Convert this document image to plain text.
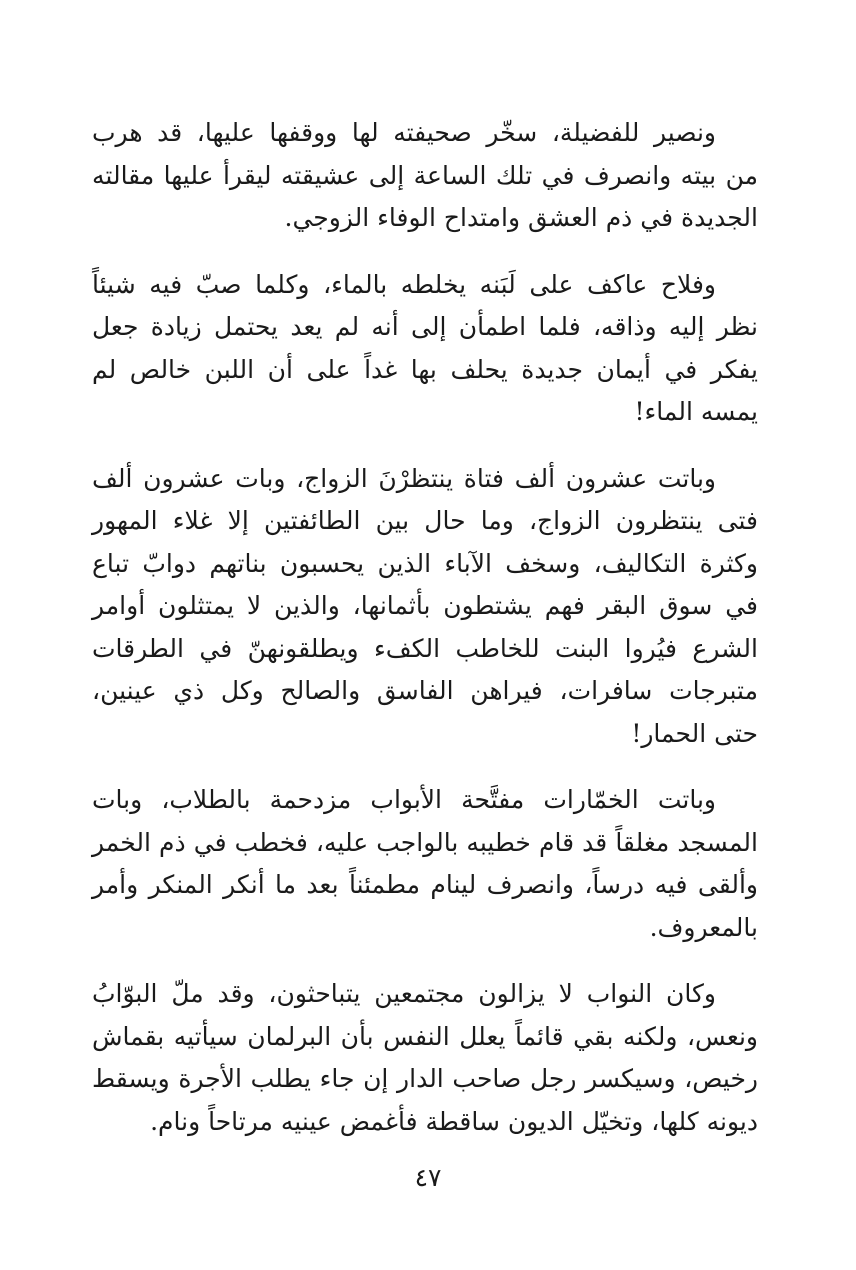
ونصير للفضيلة، سخّر صحيفته لها ووقفها عليها، قد هرب
من بيته وانصرف في تلك الساعة إلى عشيقته ليقرأ عليها مقالته
الجديدة في ذم العشق وامتداح الوفاء الزوجي.

وفلاح عاكف على لَبَنه يخلطه بالماء، وكلما صبّ فيه شيئاً
نظر إليه وذاقه، فلما اطمأن إلى أنه لم يعد يحتمل زيادة جعل
يفكر في أيمان جديدة يحلف بها غداً على أن اللبن خالص لم
يمسه الماء!

وباتت عشرون ألف فتاة ينتظرْنَ الزواج، وبات عشرون ألف
فتى ينتظرون الزواج، وما حال بين الطائفتين إلا غلاء المهور
وكثرة التكاليف، وسخف الآباء الذين يحسبون بناتهم دوابّ تباع
في سوق البقر فهم يشتطون بأثمانها، والذين لا يمتثلون أوامر
الشرع فيُروا البنت للخاطب الكفء ويطلقونهنّ في الطرقات
متبرجات سافرات، فيراهن الفاسق والصالح وكل ذي عينين،
حتى الحمار!

وباتت الخمّارات مفتَّحة الأبواب مزدحمة بالطلاب، وبات
المسجد مغلقاً قد قام خطيبه بالواجب عليه، فخطب في ذم الخمر
وألقى فيه درساً، وانصرف لينام مطمئناً بعد ما أنكر المنكر وأمر
بالمعروف.

وكان النواب لا يزالون مجتمعين يتباحثون، وقد ملّ البوّابُ
ونعس، ولكنه بقي قائماً يعلل النفس بأن البرلمان سيأتيه بقماش
رخيص، وسيكسر رجل صاحب الدار إن جاء يطلب الأجرة ويسقط
ديونه كلها، وتخيّل الديون ساقطة فأغمض عينيه مرتاحاً ونام.

٤٧
